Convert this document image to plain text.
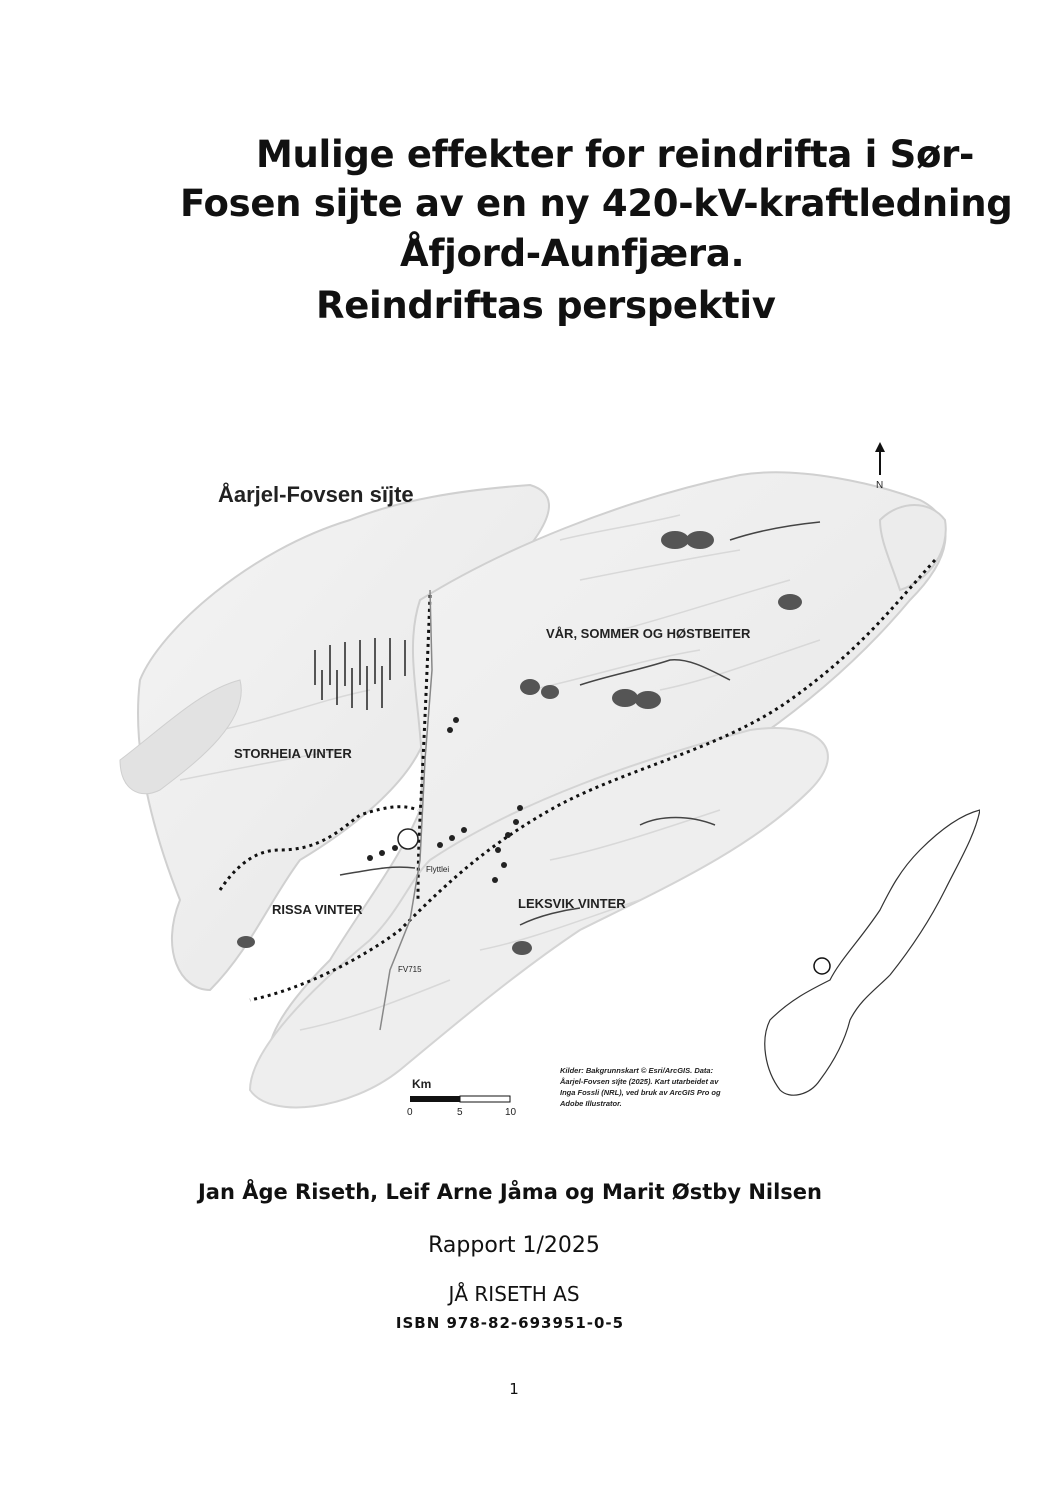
Mulige effekter for reindrifta i Sør-
Fosen sijte av en ny 420-kV-kraftledning
Åfjord-Aunfjæra.
Reindriftas perspektiv
Åarjel-Fovsen sïjte	N
VÅR, SOMMER OG HØSTBEITER
STORHEIA VINTER
RISSA VINTER	LEKSVIK VINTER
Flyttlei
FV715
Km
0	5	10
Kilder: Bakgrunnskart © Esri/ArcGIS. Data:
Åarjel-Fovsen sïjte (2025). Kart utarbeidet av
Inga Fossli (NRL), ved bruk av ArcGIS Pro og
Adobe Illustrator.
Jan Åge Riseth, Leif Arne Jåma og Marit Østby Nilsen
Rapport 1/2025
JÅ RISETH AS
ISBN 978-82-693951-0-5
1
